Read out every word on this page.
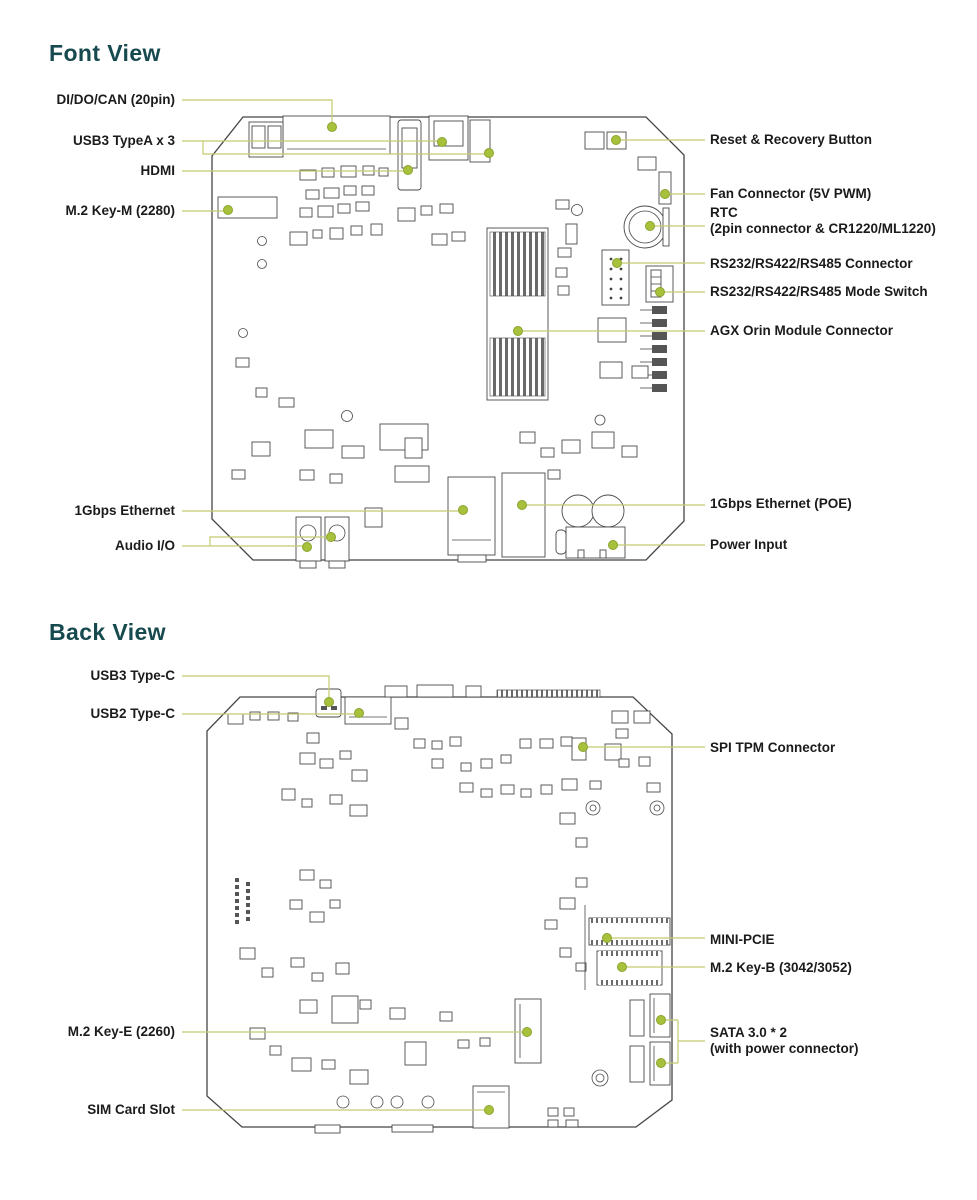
Font View
Back View
DI/DO/CAN (20pin)
USB3 TypeA x 3
HDMI
M.2 Key-M (2280)
1Gbps Ethernet
Audio I/O
Reset & Recovery Button
Fan Connector (5V PWM)
RTC
(2pin connector & CR1220/ML1220)
RS232/RS422/RS485 Connector
RS232/RS422/RS485 Mode Switch
AGX Orin Module Connector
1Gbps Ethernet (POE)
Power Input
USB3 Type-C
USB2 Type-C
M.2 Key-E (2260)
SIM Card Slot
SPI TPM Connector
MINI-PCIE
M.2 Key-B (3042/3052)
SATA 3.0 * 2
(with power connector)
